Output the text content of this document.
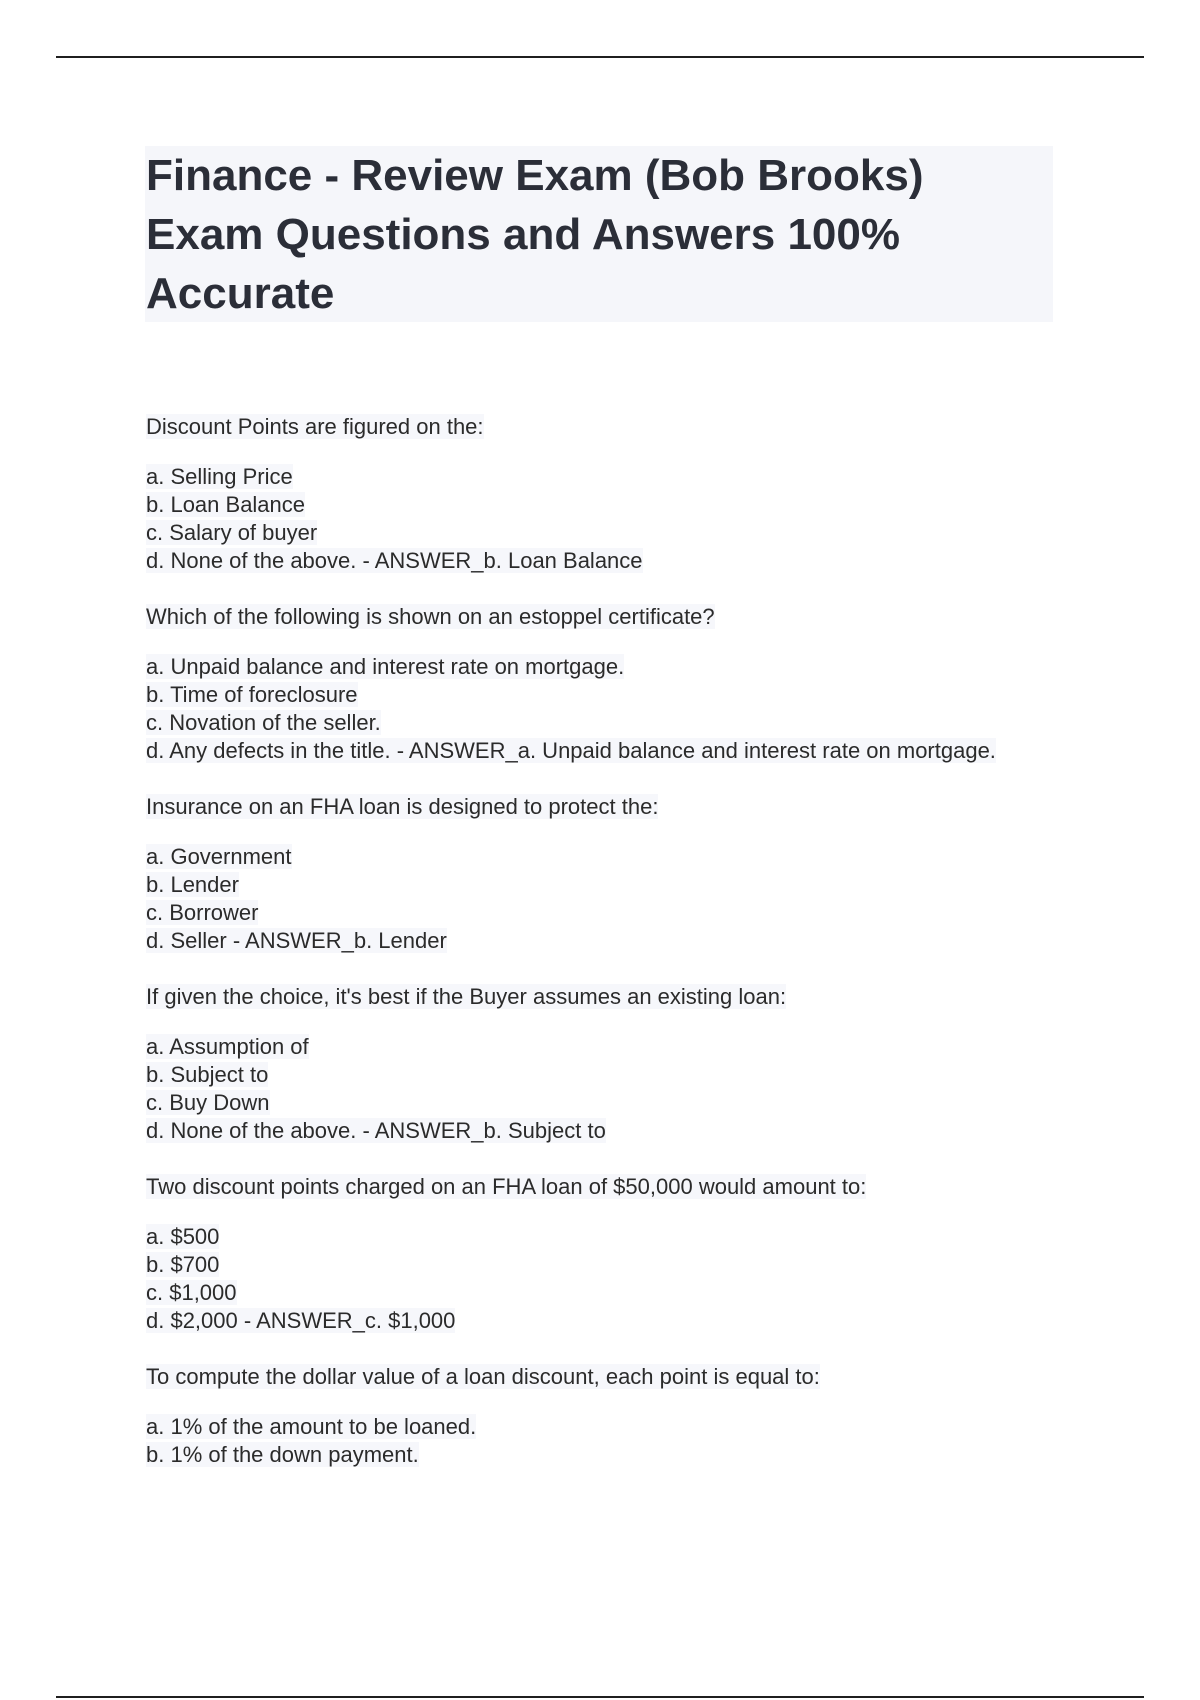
Finance - Review Exam (Bob Brooks) Exam Questions and Answers 100% Accurate
Discount Points are figured on the:
a. Selling Price
b. Loan Balance
c. Salary of buyer
d. None of the above. - ANSWER_b. Loan Balance
Which of the following is shown on an estoppel certificate?
a. Unpaid balance and interest rate on mortgage.
b. Time of foreclosure
c. Novation of the seller.
d. Any defects in the title. - ANSWER_a. Unpaid balance and interest rate on mortgage.
Insurance on an FHA loan is designed to protect the:
a. Government
b. Lender
c. Borrower
d. Seller - ANSWER_b. Lender
If given the choice, it's best if the Buyer assumes an existing loan:
a. Assumption of
b. Subject to
c. Buy Down
d. None of the above. - ANSWER_b. Subject to
Two discount points charged on an FHA loan of $50,000 would amount to:
a. $500
b. $700
c. $1,000
d. $2,000 - ANSWER_c. $1,000
To compute the dollar value of a loan discount, each point is equal to:
a. 1% of the amount to be loaned.
b. 1% of the down payment.
